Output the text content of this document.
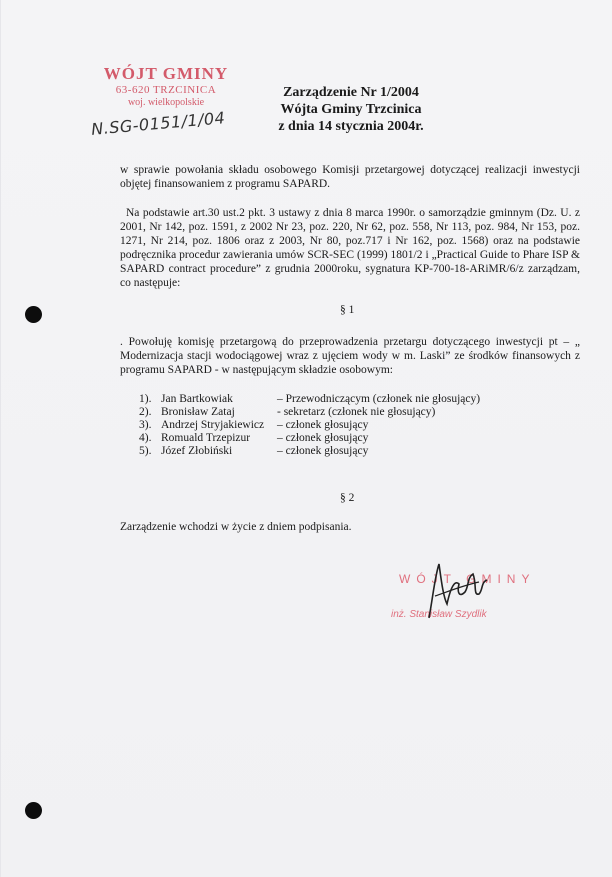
WÓJT GMINY
63-620 TRZCINICA
woj. wielkopolskie
N.SG-0151/1/04
Zarządzenie Nr 1/2004
Wójta Gminy Trzcinica
z dnia 14 stycznia 2004r.
w sprawie powołania składu osobowego Komisji przetargowej dotyczącej realizacji inwestycji objętej finansowaniem z programu SAPARD.
Na podstawie art.30 ust.2 pkt. 3 ustawy z dnia 8 marca 1990r. o samorządzie gminnym (Dz. U. z 2001, Nr 142, poz. 1591, z 2002 Nr 23, poz. 220, Nr 62, poz. 558, Nr 113, poz. 984, Nr 153, poz. 1271, Nr 214, poz. 1806 oraz z 2003, Nr 80, poz.717 i Nr 162, poz. 1568) oraz na podstawie podręcznika procedur zawierania umów SCR-SEC (1999) 1801/2 i „Practical Guide to Phare ISP & SAPARD contract procedure” z grudnia 2000roku, sygnatura KP-700-18-ARiMR/6/z zarządzam, co następuje:
§ 1
. Powołuję komisję przetargową do przeprowadzenia przetargu dotyczącego inwestycji pt – „ Modernizacja stacji wodociągowej wraz z ujęciem wody w m. Laski” ze środków finansowych z programu SAPARD - w następującym składzie osobowym:
1).	Jan Bartkowiak	– Przewodniczącym (członek nie głosujący)
2).	Bronisław Zataj	- sekretarz (członek nie głosujący)
3).	Andrzej Stryjakiewicz	– członek głosujący
4).	Romuald Trzepizur	– członek głosujący
5).	Józef Złobiński	– członek głosujący
§ 2
Zarządzenie wchodzi w życie z dniem podpisania.
WÓJT GMINY
inż. Stanisław Szydlik
